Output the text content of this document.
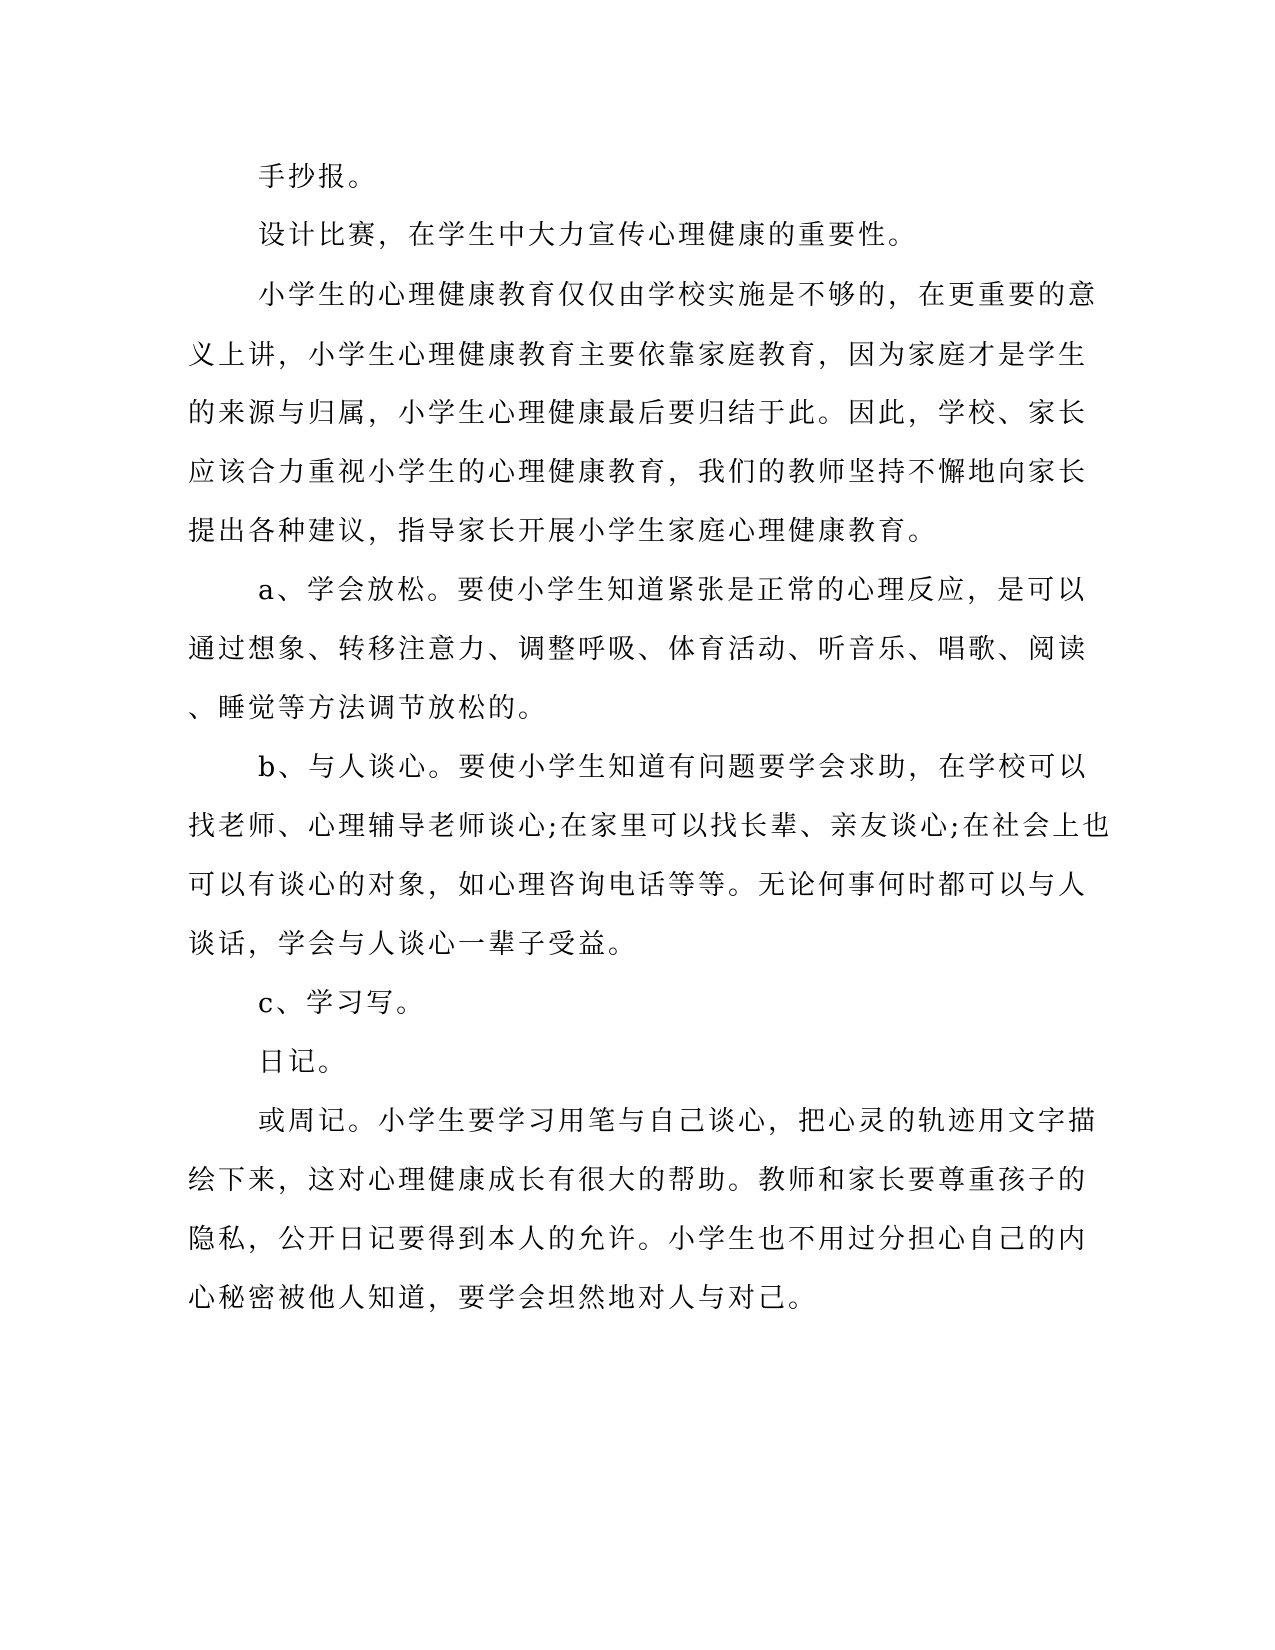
手抄报。
设计比赛，在学生中大力宣传心理健康的重要性。
小学生的心理健康教育仅仅由学校实施是不够的，在更重要的意
义上讲，小学生心理健康教育主要依靠家庭教育，因为家庭才是学生
的来源与归属，小学生心理健康最后要归结于此。因此，学校、家长
应该合力重视小学生的心理健康教育，我们的教师坚持不懈地向家长
提出各种建议，指导家长开展小学生家庭心理健康教育。
a、学会放松。要使小学生知道紧张是正常的心理反应，是可以
通过想象、转移注意力、调整呼吸、体育活动、听音乐、唱歌、阅读
、睡觉等方法调节放松的。
b、与人谈心。要使小学生知道有问题要学会求助，在学校可以
找老师、心理辅导老师谈心;在家里可以找长辈、亲友谈心;在社会上也
可以有谈心的对象，如心理咨询电话等等。无论何事何时都可以与人
谈话，学会与人谈心一辈子受益。
c、学习写。
日记。
或周记。小学生要学习用笔与自己谈心，把心灵的轨迹用文字描
绘下来，这对心理健康成长有很大的帮助。教师和家长要尊重孩子的
隐私，公开日记要得到本人的允许。小学生也不用过分担心自己的内
心秘密被他人知道，要学会坦然地对人与对己。
